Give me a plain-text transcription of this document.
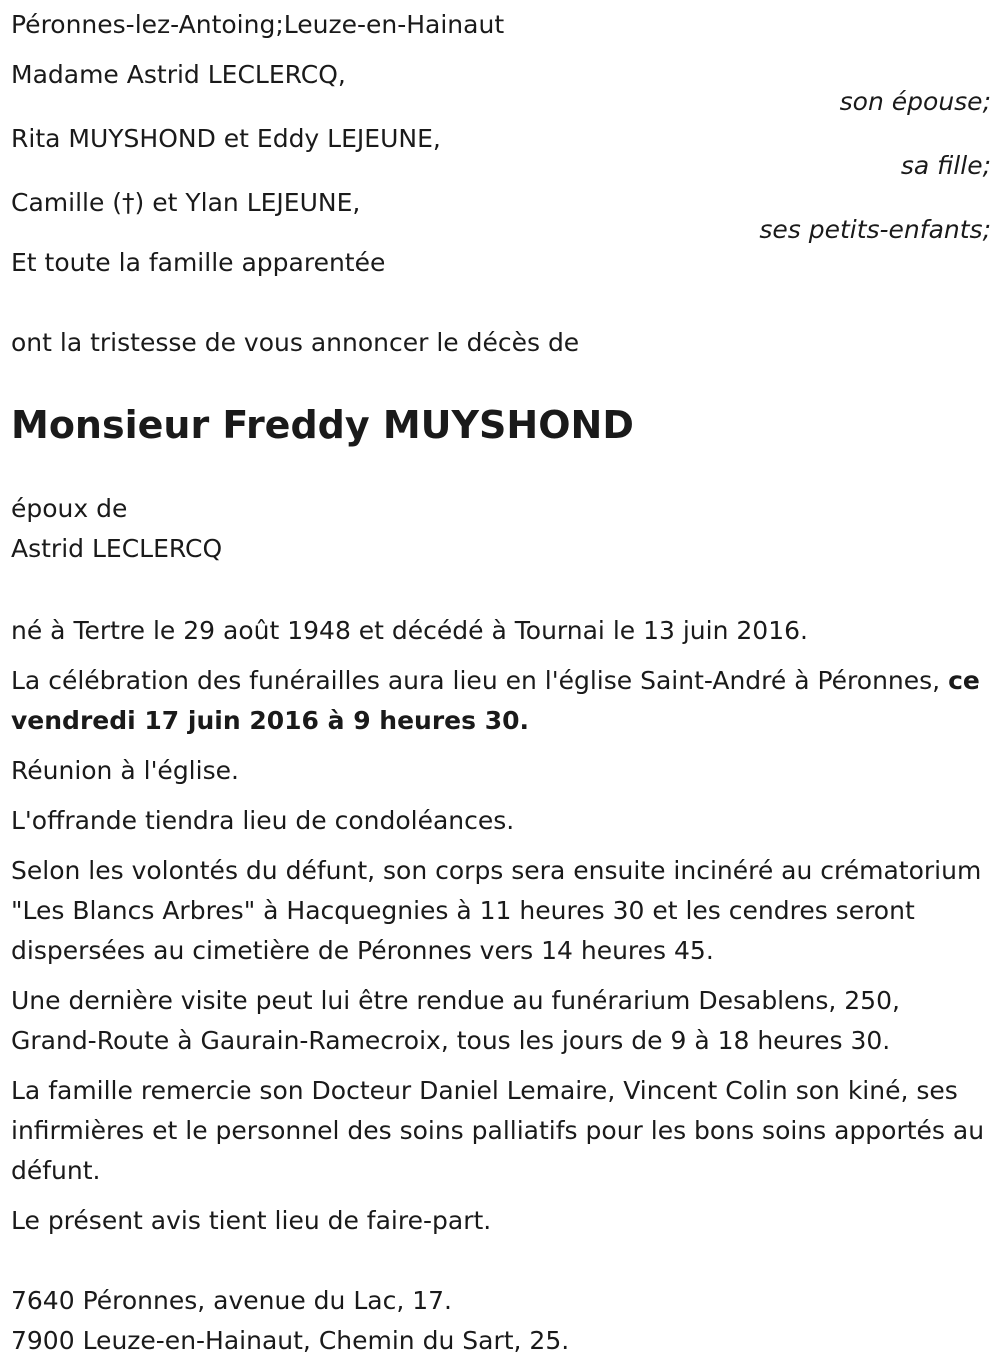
Péronnes-lez-Antoing;Leuze-en-Hainaut

Madame Astrid LECLERCQ,

son épouse;

Rita MUYSHOND et Eddy LEJEUNE,

sa fille;

Camille (†) et Ylan LEJEUNE,

ses petits-enfants;

Et toute la famille apparentée

ont la tristesse de vous annoncer le décès de

Monsieur Freddy MUYSHOND

époux de

Astrid LECLERCQ

né à Tertre le 29 août 1948 et décédé à Tournai le 13 juin 2016.

La célébration des funérailles aura lieu en l'église Saint-André à Péronnes, ce vendredi 17 juin 2016 à 9 heures 30.

Réunion à l'église.

L'offrande tiendra lieu de condoléances.

Selon les volontés du défunt, son corps sera ensuite incinéré au crématorium "Les Blancs Arbres" à Hacquegnies à 11 heures 30 et les cendres seront dispersées au cimetière de Péronnes vers 14 heures 45.

Une dernière visite peut lui être rendue au funérarium Desablens, 250, Grand-Route à Gaurain-Ramecroix, tous les jours de 9 à 18 heures 30.

La famille remercie son Docteur Daniel Lemaire, Vincent Colin son kiné, ses infirmières et le personnel des soins palliatifs pour les bons soins apportés au défunt.

Le présent avis tient lieu de faire-part.

7640 Péronnes, avenue du Lac, 17.

7900 Leuze-en-Hainaut, Chemin du Sart, 25.
